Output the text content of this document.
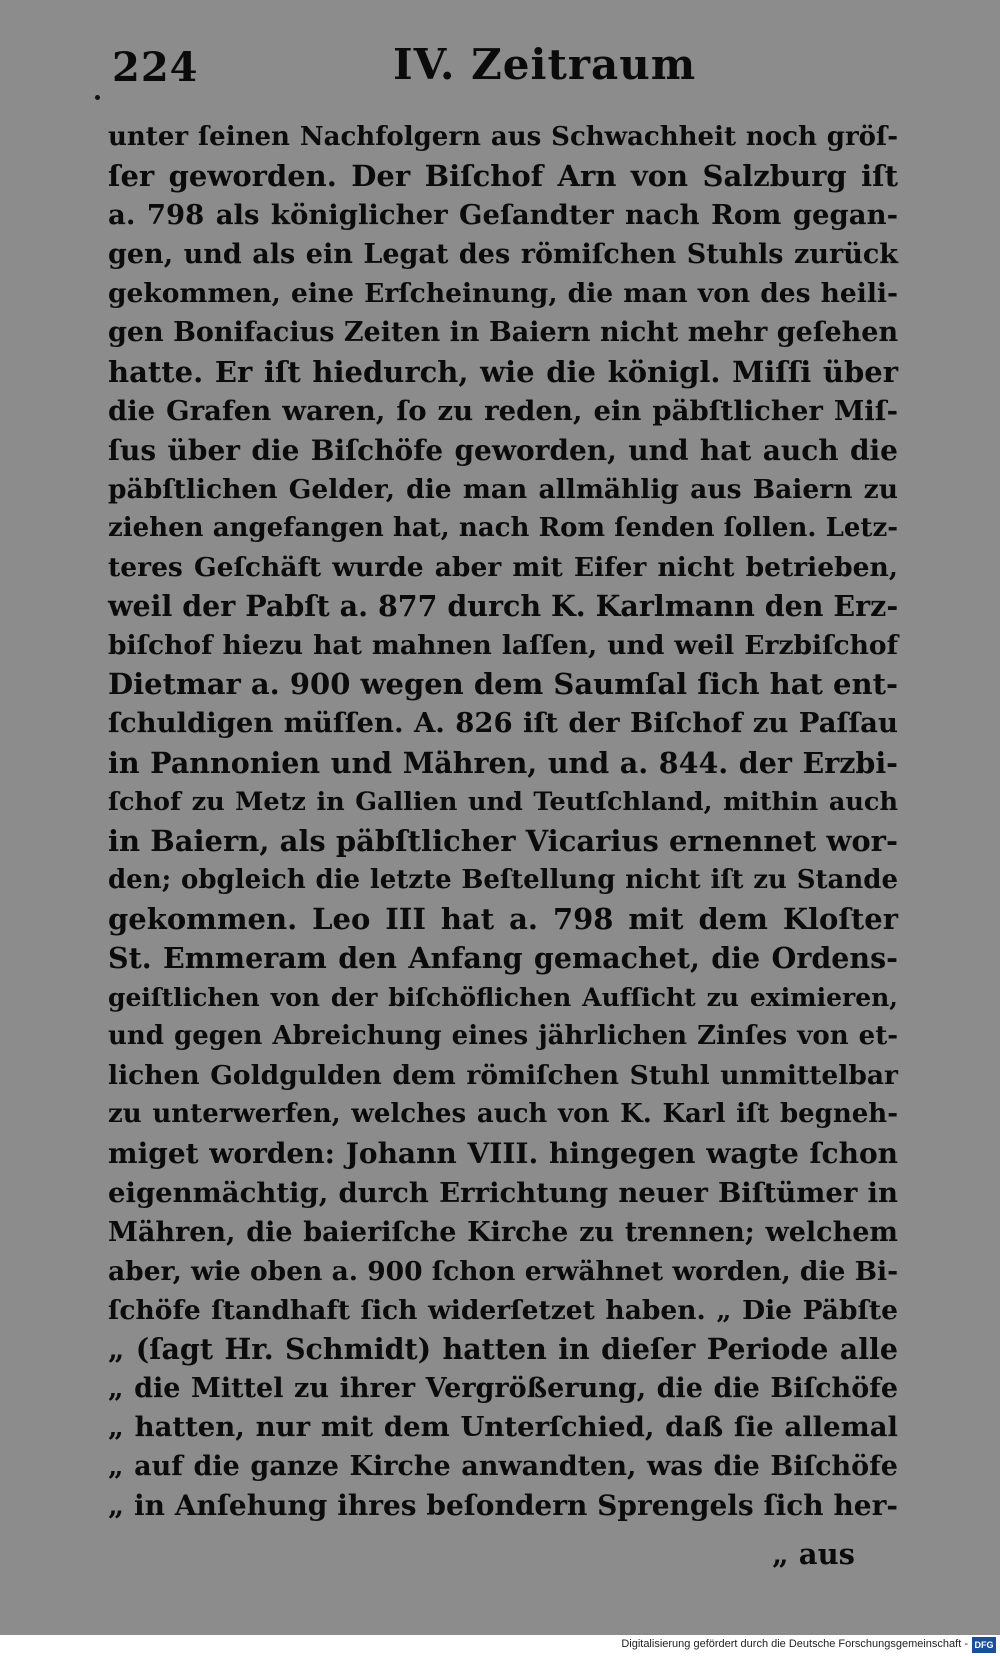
224	IV. Zeitraum
unter ſeinen Nachfolgern aus Schwachheit noch gröſ-
ſer geworden. Der Biſchof Arn von Salzburg iſt
a. 798 als königlicher Geſandter nach Rom gegan-
gen, und als ein Legat des römiſchen Stuhls zurück
gekommen, eine Erſcheinung, die man von des heili-
gen Bonifacius Zeiten in Baiern nicht mehr geſehen
hatte. Er iſt hiedurch, wie die königl. Miſſi über
die Grafen waren, ſo zu reden, ein päbſtlicher Miſ-
ſus über die Biſchöfe geworden, und hat auch die
päbſtlichen Gelder, die man allmählig aus Baiern zu
ziehen angefangen hat, nach Rom ſenden ſollen. Letz-
teres Geſchäft wurde aber mit Eifer nicht betrieben,
weil der Pabſt a. 877 durch K. Karlmann den Erz-
biſchof hiezu hat mahnen laſſen, und weil Erzbiſchof
Dietmar a. 900 wegen dem Saumſal ſich hat ent-
ſchuldigen müſſen. A. 826 iſt der Biſchof zu Paſſau
in Pannonien und Mähren, und a. 844. der Erzbi-
ſchof zu Metz in Gallien und Teutſchland, mithin auch
in Baiern, als päbſtlicher Vicarius ernennet wor-
den; obgleich die letzte Beſtellung nicht iſt zu Stande
gekommen. Leo III hat a. 798 mit dem Kloſter
St. Emmeram den Anfang gemachet, die Ordens-
geiſtlichen von der biſchöflichen Aufſicht zu eximieren,
und gegen Abreichung eines jährlichen Zinſes von et-
lichen Goldgulden dem römiſchen Stuhl unmittelbar
zu unterwerfen, welches auch von K. Karl iſt begneh-
miget worden: Johann VIII. hingegen wagte ſchon
eigenmächtig, durch Errichtung neuer Biſtümer in
Mähren, die baieriſche Kirche zu trennen; welchem
aber, wie oben a. 900 ſchon erwähnet worden, die Bi-
ſchöfe ſtandhaft ſich widerſetzet haben. „ Die Päbſte
„ (ſagt Hr. Schmidt) hatten in dieſer Periode alle
„ die Mittel zu ihrer Vergrößerung, die die Biſchöfe
„ hatten, nur mit dem Unterſchied, daß ſie allemal
„ auf die ganze Kirche anwandten, was die Biſchöfe
„ in Anſehung ihres beſondern Sprengels ſich her-
„ aus
Digitalisierung gefördert durch die Deutsche Forschungsgemeinschaft - DFG
